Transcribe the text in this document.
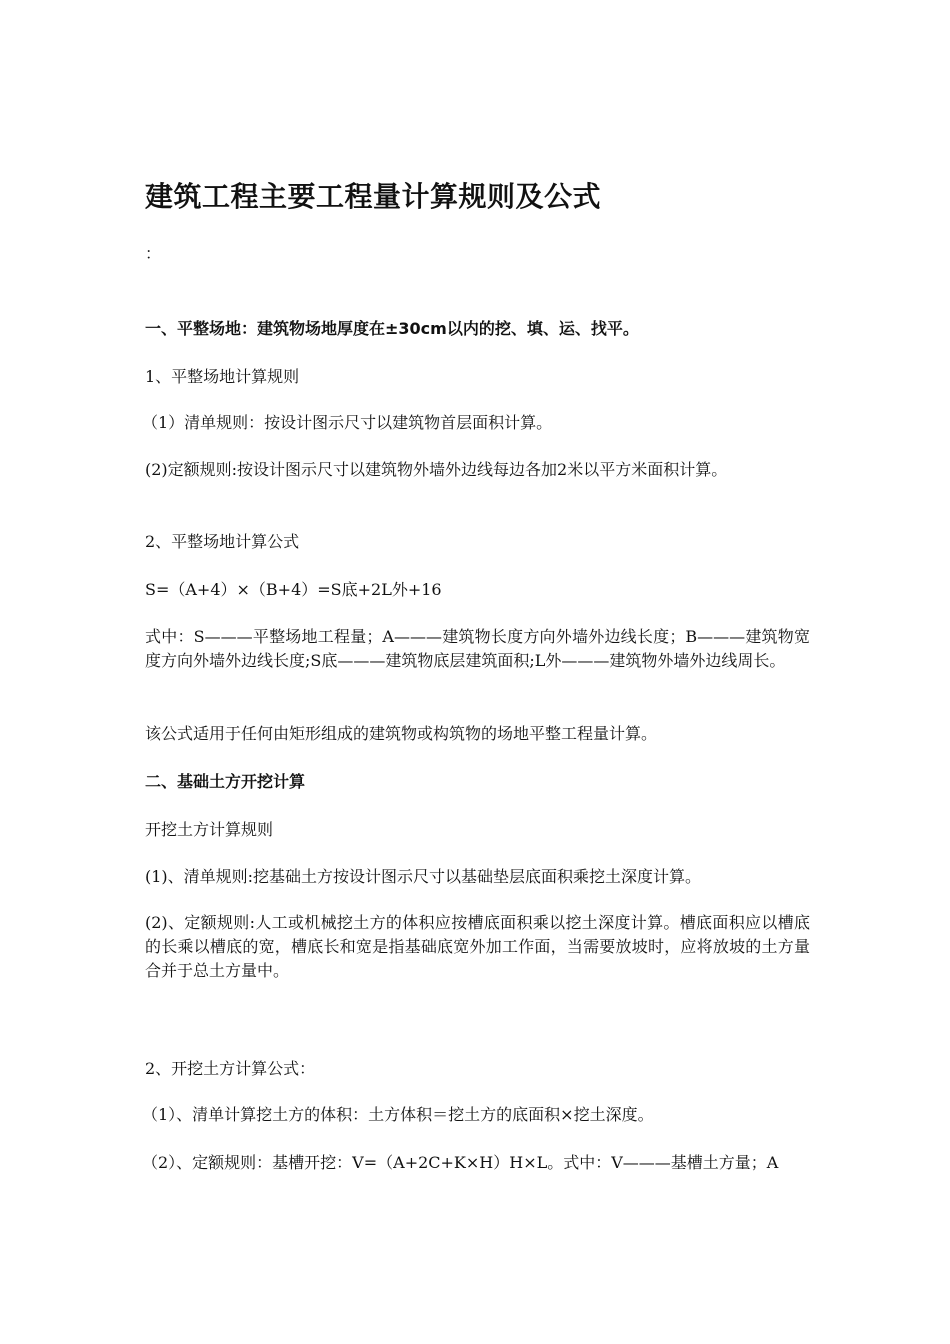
建筑工程主要工程量计算规则及公式

：

一、平整场地：建筑物场地厚度在±30cm以内的挖、填、运、找平。

1、平整场地计算规则

（1）清单规则：按设计图示尺寸以建筑物首层面积计算。

(2)定额规则:按设计图示尺寸以建筑物外墙外边线每边各加2米以平方米面积计算。

2、平整场地计算公式

S=（A+4）×（B+4）=S底+2L外+16

式中：S———平整场地工程量；A———建筑物长度方向外墙外边线长度；B———建筑物宽度方向外墙外边线长度;S底———建筑物底层建筑面积;L外———建筑物外墙外边线周长。

该公式适用于任何由矩形组成的建筑物或构筑物的场地平整工程量计算。

二、基础土方开挖计算

开挖土方计算规则

(1)、清单规则:挖基础土方按设计图示尺寸以基础垫层底面积乘挖土深度计算。

(2)、定额规则:人工或机械挖土方的体积应按槽底面积乘以挖土深度计算。槽底面积应以槽底的长乘以槽底的宽，槽底长和宽是指基础底宽外加工作面，当需要放坡时，应将放坡的土方量合并于总土方量中。

2、开挖土方计算公式：

（1）、清单计算挖土方的体积：土方体积＝挖土方的底面积×挖土深度。

（2）、定额规则：基槽开挖：V=（A+2C+K×H）H×L。式中：V———基槽土方量；A
